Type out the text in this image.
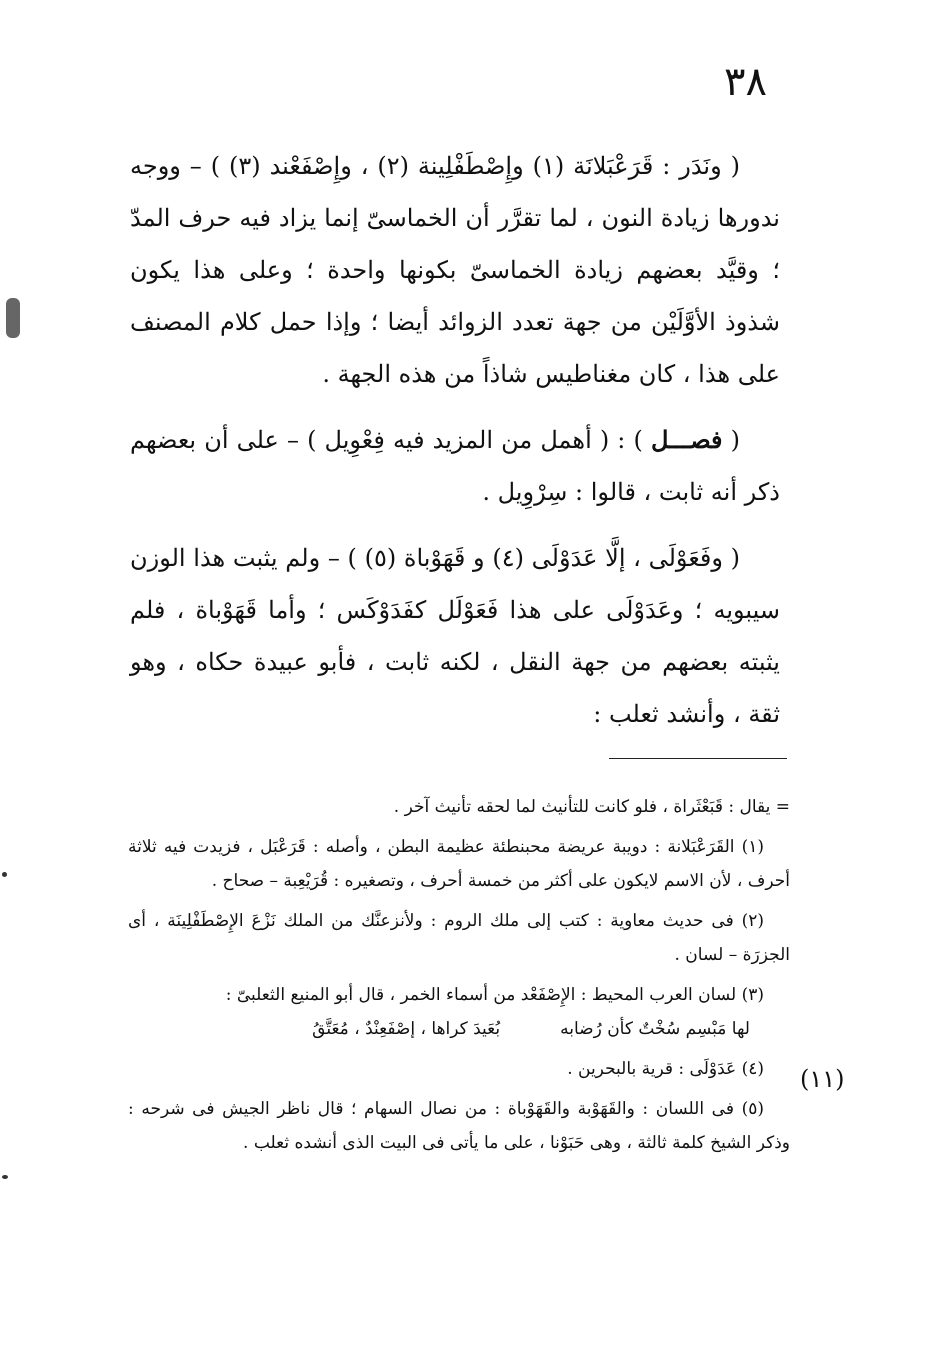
٣٨

( ونَدَر : قَرَعْبَلانَة (١) وإِصْطَفْلِينة (٢) ، وإِصْفَعْند (٣) ) – ووجه ندورها زيادة النون ، لما تقرَّر أن الخماسىّ إنما يزاد فيه حرف المدّ ؛ وقيَّد بعضهم زيادة الخماسىّ بكونها واحدة ؛ وعلى هذا يكون شذوذ الأوَّلَيْن من جهة تعدد الزوائد أيضا ؛ وإذا حمل كلام المصنف على هذا ، كان مغناطيس شاذاً من هذه الجهة .

( فصـــل ) : ( أهمل من المزيد فيه فِعْوِيل ) – على أن بعضهم ذكر أنه ثابت ، قالوا : سِرْوِيل .

( وفَعَوْلَى ، إلَّا عَدَوْلَى (٤) و قَهَوْباة (٥) ) – ولم يثبت هذا الوزن سيبويه ؛ وعَدَوْلَى على هذا فَعَوْلَل كفَدَوْكَس ؛ وأما قَهَوْباة ، فلم يثبته بعضهم من جهة النقل ، لكنه ثابت ، فأبو عبيدة حكاه ، وهو ثقة ، وأنشد ثعلب :

= يقال : قَبَعْثَراة ، فلو كانت للتأنيث لما لحقه تأنيث آخر .
(١) القَرَعْبَلانة : دويبة عريضة محبنطئة عظيمة البطن ، وأصله : قَرَعْبَل ، فزيدت فيه ثلاثة أحرف ، لأن الاسم لايكون على أكثر من خمسة أحرف ، وتصغيره : قُرَيْعِبة – صحاح .
(٢) فى حديث معاوية : كتب إلى ملك الروم : ولأنزعنَّك من الملك نَزْعَ الإِصْطَفْلِينَة ، أى الجزرَة – لسان .
(٣) لسان العرب المحيط : الإِصْفَعْد من أسماء الخمر ، قال أبو المنيع الثعلبىّ :
لها مَبْسِم سُخْتٌ كأن رُضابه
بُعَيدَ كراها ، إصْفَعِنْدٌ ، مُعَتَّقُ
(٤) عَدَوْلَى : قرية بالبحرين .
(٥) فى اللسان : والقَهَوْبة والقَهَوْباة : من نصال السهام ؛ قال ناظر الجيش فى شرحه : وذكر الشيخ كلمة ثالثة ، وهى حَبَوْنا ، على ما يأتى فى البيت الذى أنشده ثعلب .
(١١)
